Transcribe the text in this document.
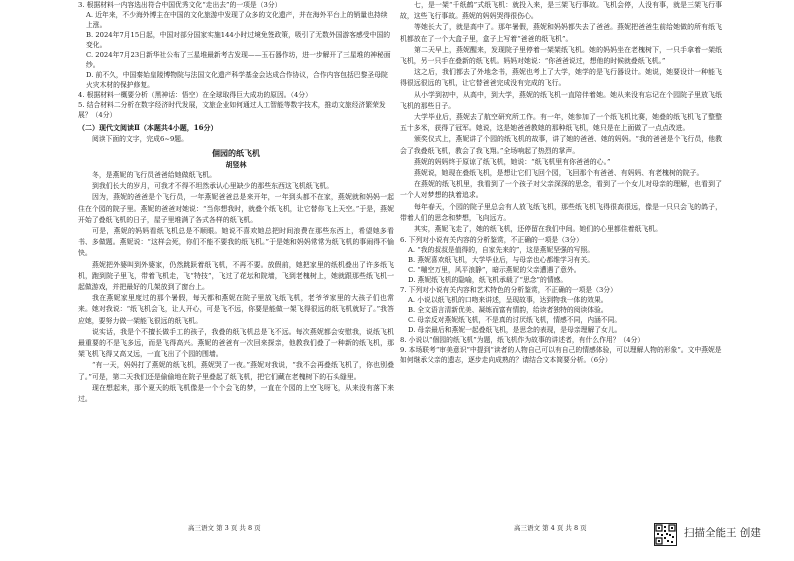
3. 根据材料一内容选出符合中国优秀文化“走出去”的一项是（3分）

A. 近年来，不少海外博主在中国的文化旅游中发现了众多的文化遗产，并在海外平台上的销量也持续上涨。

B. 2024年7月15日起，中国对部分国家实施144小时过境免签政策，吸引了无数外国游客感受中国的变化。

C. 2024年7月23日新华社公布了三星堆最新考古发现——玉石器作坊，进一步解开了三星堆的神秘面纱。

D. 前不久，中国秦始皇陵博物院与法国文化遗产科学基金会达成合作协议，合作内容包括巴黎圣母院火灾木材的保护修复。

4. 根据材料一概要分析（黑神话：悟空）在全球取得巨大成功的原因。（4分）

5. 结合材料二分析在数字经济时代发展，文旅企业如何通过人工智能等数字技术，推动文旅经济繁荣发展？（4分）

（二）现代文阅读Ⅱ（本题共4小题，16分）

阅读下面的文字，完成6~9题。

個园的纸飞机

胡竖林

冬，是燕妮的飞行员爸爸给她做纸飞机。

到我们长大的岁月，可我才不得不坦然承认心里缺少的那些东西这飞机纸飞机。

因为，燕妮的爸爸是个飞行员，一年燕妮爸爸总是来开年，一年到头都不在家，燕妮就和妈妈一起住在个园的院子里。燕妮的爸爸对她说：“当你想我时，就叠个纸飞机，让它替你飞上天空。”于是，燕妮开始了叠纸飞机的日子，屋子里堆满了各式各样的纸飞机。

可是，燕妮的妈妈看纸飞机总是不顺眼。她说不喜欢她总把时间浪费在那些东西上，希望她多看书、多做题。燕妮说：“这样会死，你们不能不要我的纸飞机。”于是她和妈妈常常为纸飞机的事闹得不愉快。

燕妮把外婆叫到外婆家，仍然跳跃着纸飞机，不再不要。放假前，她把家里的纸机叠出了许多纸飞机，跑到院子里飞，带着飞机走，飞“特技”，飞过了花坛和院墙，飞到老槐树上，她就跟那些纸飞机一起做游戏，并把最好的几架放到了窗台上。

我在燕妮家里度过的那个暑假，每天都和燕妮在院子里放飞纸飞机，老爷爷家里的大孩子们也常来。她对我说：“纸飞机会飞，让人开心，可是飞不远，你要是能做一架飞得很远的纸飞机就好了。”我答应她，要努力做一架能飞很远的纸飞机。

说实话，我是个不擅长做手工的孩子，我叠的纸飞机总是飞不远。每次燕妮都会安慰我，说纸飞机最重要的不是飞多远，而是飞得高兴。燕妮的爸爸有一次回来探亲，他教我们叠了一种新的纸飞机，那架飞机飞得又高又远，一直飞出了个园的围墙。

“有一天，妈妈打了燕妮的纸飞机，燕妮哭了一夜。”燕妮对我说，“我不会再叠纸飞机了，你也别叠了。”可是，第二天我们还是偷偷地在院子里叠起了纸飞机，把它们藏在老槐树下的石头缝里。

现在想起来，那个夏天的纸飞机像是一个个会飞的梦，一直在个园的上空飞呀飞，从来没有落下来过。

七，是一架“千纸鹤”式纸飞机：就投入来，是三架飞行事故。飞机会停，人没有事，就是三架飞行事故，这些飞行事故。燕妮的妈妈哭得很伤心。

等她长大了，就是高中了。那年暑假，燕妮和妈妈都失去了爸爸。燕妮把爸爸生前给她做的所有纸飞机都放在了一个大盒子里，盒子上写着“爸爸的纸飞机”。

第二天早上，燕妮醒来，发现院子里停着一架架纸飞机。她的妈妈坐在老槐树下，一只手拿着一架纸飞机，另一只手在叠新的纸飞机。妈妈对她说：“你爸爸说过，想他的时候就叠纸飞机。”

这之后，我们都去了外地念书，燕妮也考上了大学，她学的是飞行器设计。她说，她要设计一种能飞得很远很远的飞机，让它替爸爸完成没有完成的飞行。

从小学到初中，从高中，到大学，燕妮的纸飞机一直陪伴着她。她从来没有忘记在个园院子里放飞纸飞机的那些日子。

大学毕业后，燕妮去了航空研究所工作。有一年，她参加了一个纸飞机比赛，她叠的纸飞机飞了整整五十多米，获得了冠军。她说，这是她爸爸教她的那种纸飞机，她只是在上面做了一点点改进。

颁奖仪式上，燕妮讲了个园的纸飞机的故事，讲了她的爸爸、她的妈妈。“我的爸爸是个飞行员，他教会了我叠纸飞机，教会了我飞翔。”全场响起了热烈的掌声。

燕妮的妈妈终于原谅了纸飞机，她说：“纸飞机里有你爸爸的心。”

燕妮说，她现在叠纸飞机，是想让它们飞回个园，飞回那个有爸爸、有妈妈、有老槐树的院子。

在燕妮的纸飞机里，我看到了一个孩子对父亲深深的思念，看到了一个女儿对母亲的理解，也看到了一个人对梦想的执着追求。

每年春天，个园的院子里总会有人放飞纸飞机，那些纸飞机飞得很高很远，像是一只只会飞的鸽子，带着人们的思念和梦想，飞向远方。

其实，燕妮飞走了，她的纸飞机，还停留在我们中间。她们的心里都住着纸飞机。

6. 下列对小说有关内容的分析鉴赏，不正确的一项是（3分）

A. “我的叔叔是值得的，自家先来的”，这是燕妮坚强的写照。

B. 燕妮喜欢纸飞机，大学毕业后，与母亲也心都维学习有关。

C. “嘣空万里，风平浪静”，暗示燕妮的父亲遭遇了意外。

D. 燕妮纸飞机的隐喻，纸飞机承载了“思念”的情感。

7. 下列对小说有关内容和艺术特色的分析鉴赏，不正确的一项是（3分）

A. 小说以纸飞机的口吻来讲述，呈现故事，达到物我一体的效果。

B. 全文语言清新优美、凝练而富有情韵，给读者独特的阅读体验。

C. 母亲反对燕妮纸飞机，不是真的讨厌纸飞机，情感不同，内涵不同。

D. 母亲最后和燕妮一起叠纸飞机，是思念的表现，是母亲理解了女儿。

8. 小说以“個园的纸飞机”为题，纸飞机作为故事的讲述者，有什么作用？（4分）

9. 本场联考“审美意识”中提到“读者的人物自己可以有自己的情感体验，可以理解人物的形象”。文中燕妮是如何继承父亲的遗志，逐步走向成熟的？请结合文本简要分析。（6分）

高三语文 第 3 页 共 8 页	高三语文 第 4 页 共 8 页	扫描全能王 创建
